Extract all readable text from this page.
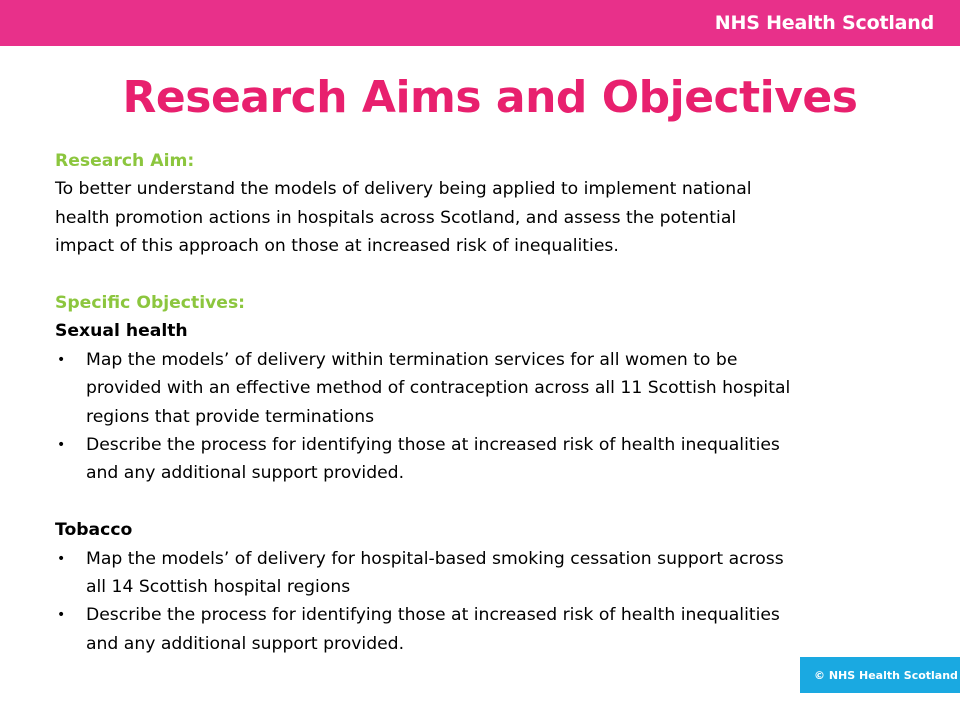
NHS Health Scotland
Research Aims and Objectives
Research Aim:
To better understand the models of delivery being applied to implement national
health promotion actions in hospitals across Scotland, and assess the potential
impact of this approach on those at increased risk of inequalities.
Specific Objectives:
Sexual health
• Map the models’ of delivery within termination services for all women to be
provided with an effective method of contraception across all 11 Scottish hospital
regions that provide terminations
• Describe the process for identifying those at increased risk of health inequalities
and any additional support provided.
Tobacco
• Map the models’ of delivery for hospital-based smoking cessation support across
all 14 Scottish hospital regions
• Describe the process for identifying those at increased risk of health inequalities
and any additional support provided.
© NHS Health Scotland
